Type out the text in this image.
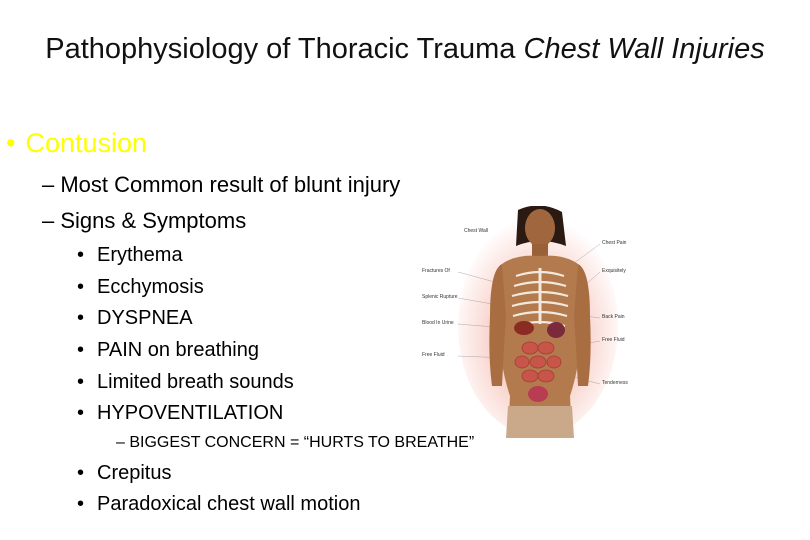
Pathophysiology of Thoracic Trauma Chest Wall Injuries
• Contusion
– Most Common result of blunt injury
– Signs & Symptoms
• Erythema
• Ecchymosis
• DYSPNEA
• PAIN on breathing
• Limited breath sounds
• HYPOVENTILATION
– BIGGEST CONCERN = “HURTS TO BREATHE”
• Crepitus
• Paradoxical chest wall motion
Fractures Of
Splenic Rupture
Blood In Urine
Free Fluid
Chest Wall
Chest Pain
Exquisitely
Back Pain
Free Fluid
Tenderness
